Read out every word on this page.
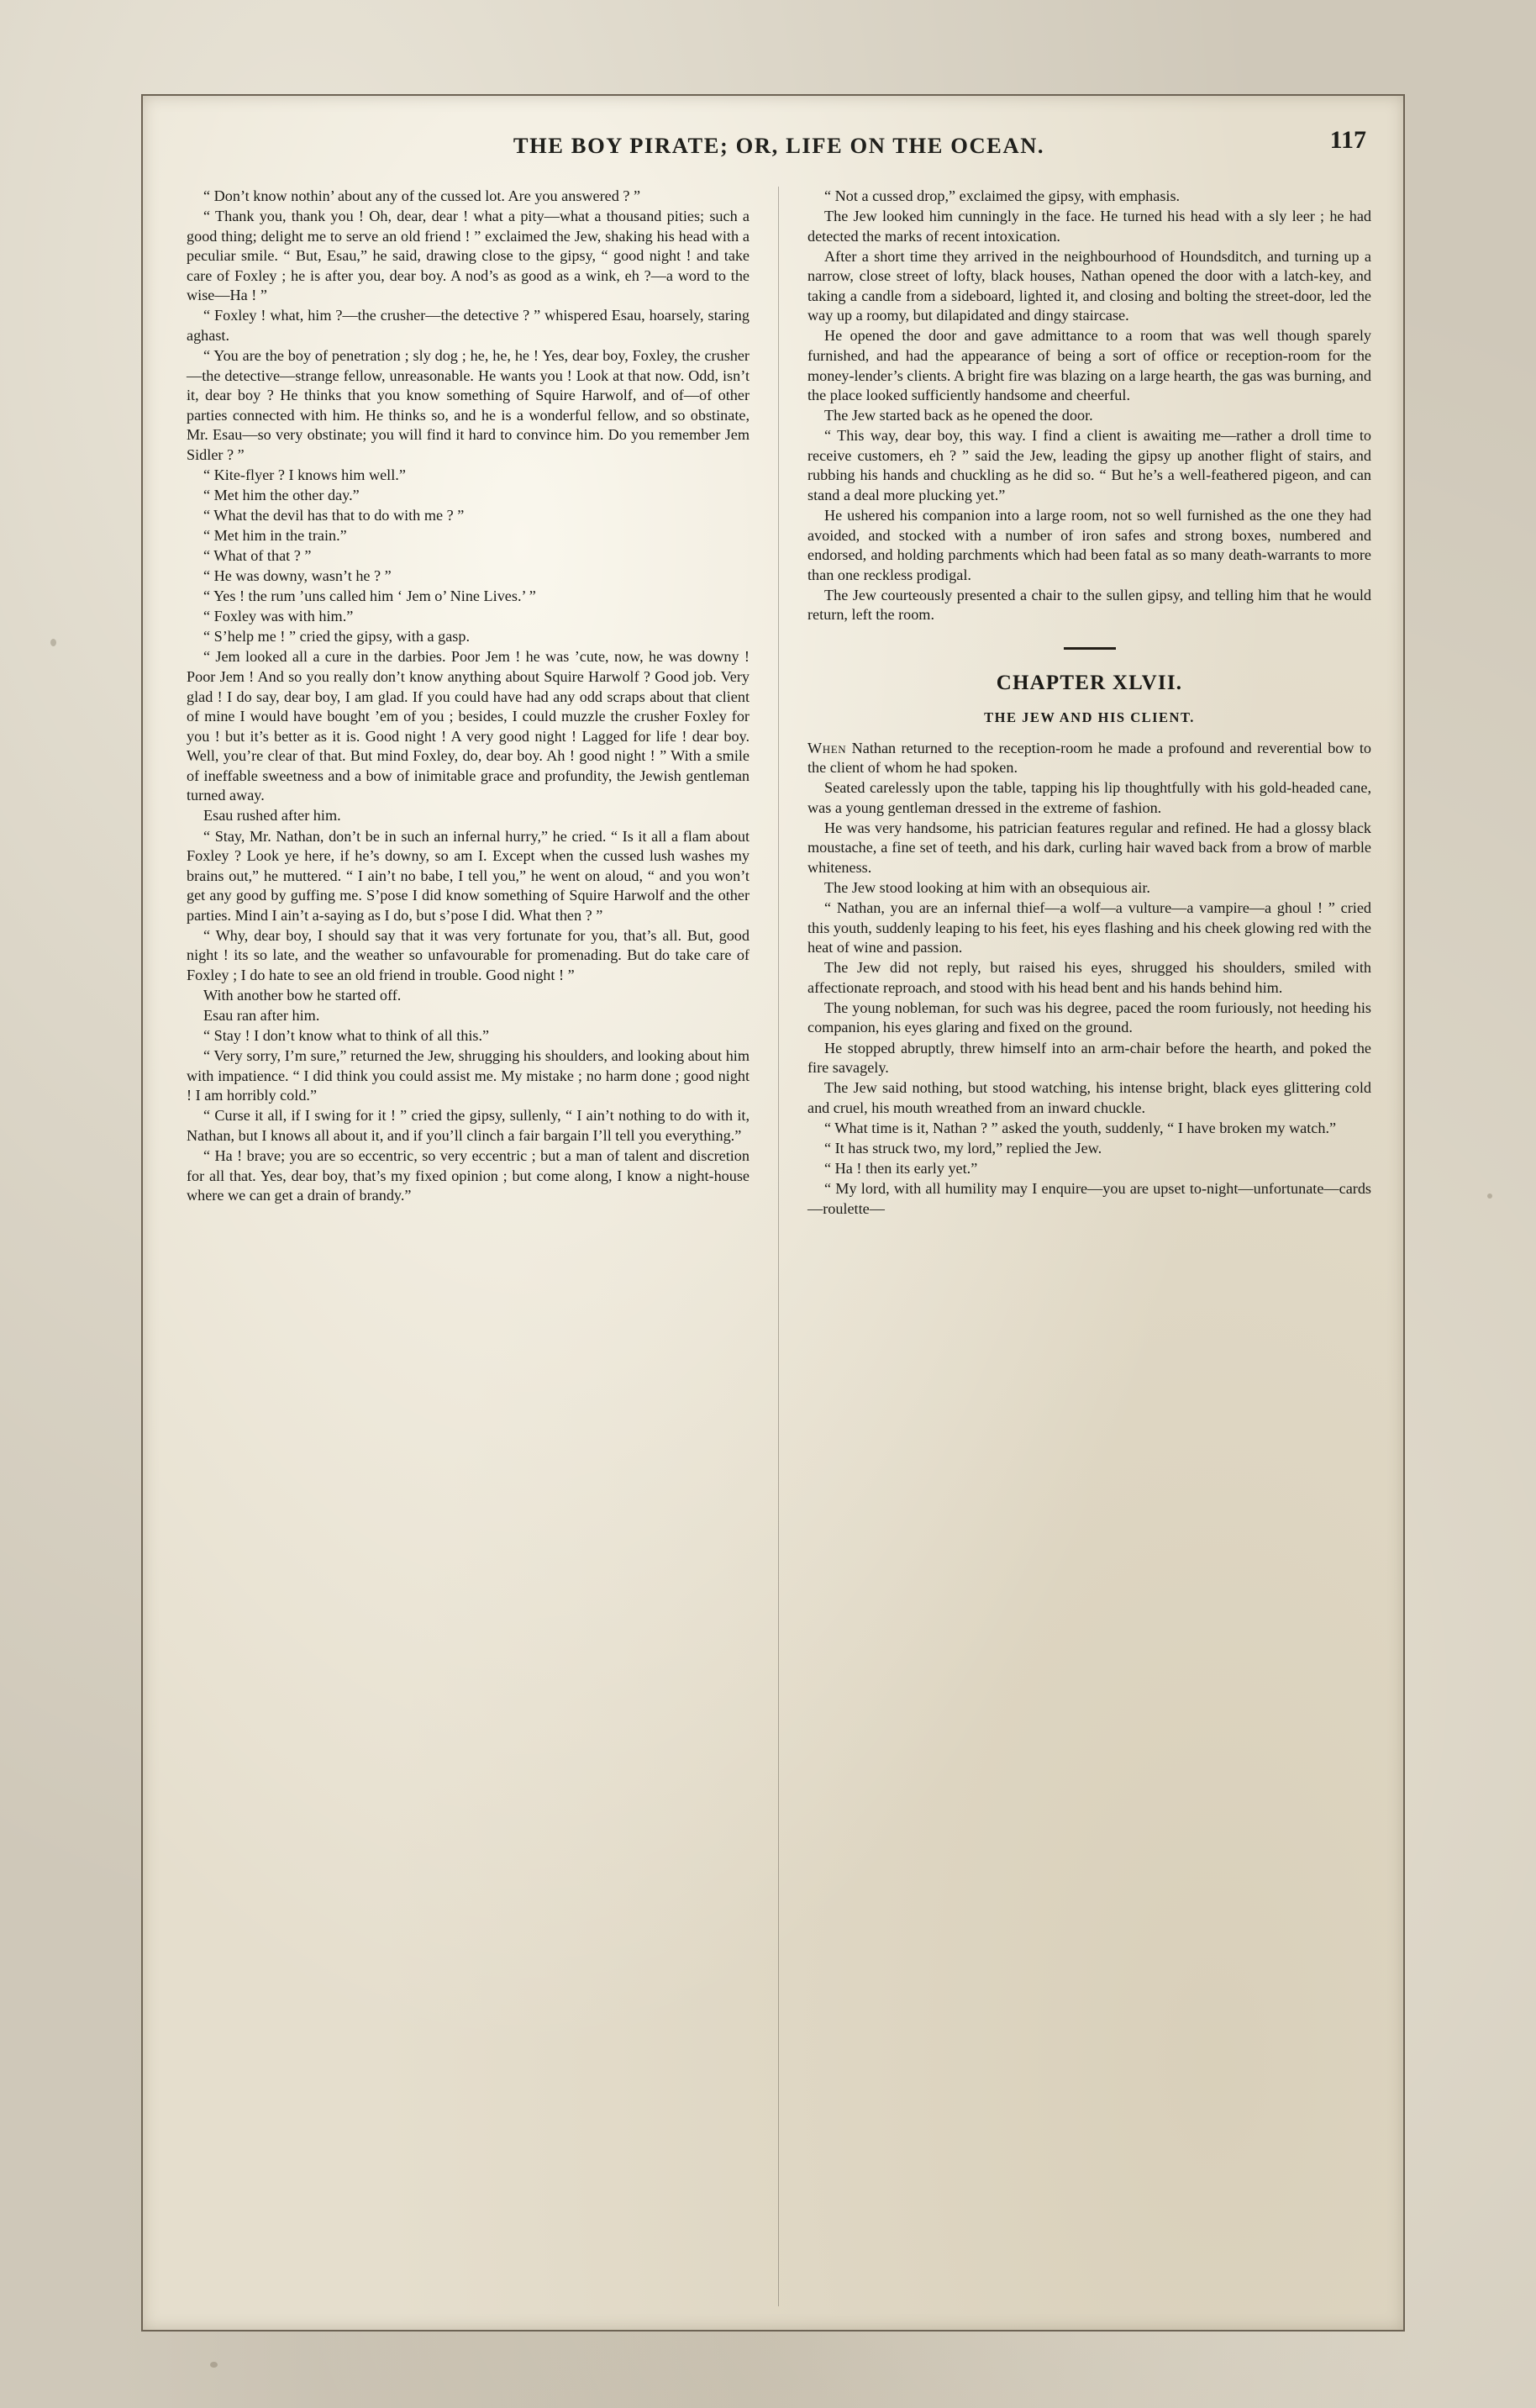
THE BOY PIRATE; OR, LIFE ON THE OCEAN.	117

“ Don’t know nothin’ about any of the cussed lot. Are you answered ? ”

“ Thank you, thank you ! Oh, dear, dear ! what a pity—what a thousand pities; such a good thing; delight me to serve an old friend ! ” exclaimed the Jew, shaking his head with a peculiar smile. “ But, Esau,” he said, drawing close to the gipsy, “ good night ! and take care of Foxley ; he is after you, dear boy. A nod’s as good as a wink, eh ?—a word to the wise—Ha ! ”

“ Foxley ! what, him ?—the crusher—the detective ? ” whispered Esau, hoarsely, staring aghast.

“ You are the boy of penetration ; sly dog ; he, he, he ! Yes, dear boy, Foxley, the crusher—the detective—strange fellow, unreasonable. He wants you ! Look at that now. Odd, isn’t it, dear boy ? He thinks that you know something of Squire Harwolf, and of—of other parties connected with him. He thinks so, and he is a wonderful fellow, and so obstinate, Mr. Esau—so very obstinate; you will find it hard to convince him. Do you remember Jem Sidler ? ”

“ Kite-flyer ? I knows him well.”

“ Met him the other day.”

“ What the devil has that to do with me ? ”

“ Met him in the train.”

“ What of that ? ”

“ He was downy, wasn’t he ? ”

“ Yes ! the rum ’uns called him ‘ Jem o’ Nine Lives.’ ”

“ Foxley was with him.”

“ S’help me ! ” cried the gipsy, with a gasp.

“ Jem looked all a cure in the darbies. Poor Jem ! he was ’cute, now, he was downy ! Poor Jem ! And so you really don’t know anything about Squire Harwolf ? Good job. Very glad ! I do say, dear boy, I am glad. If you could have had any odd scraps about that client of mine I would have bought ’em of you ; besides, I could muzzle the crusher Foxley for you ! but it’s better as it is. Good night ! A very good night ! Lagged for life ! dear boy. Well, you’re clear of that. But mind Foxley, do, dear boy. Ah ! good night ! ” With a smile of ineffable sweetness and a bow of inimitable grace and profundity, the Jewish gentleman turned away.

Esau rushed after him.

“ Stay, Mr. Nathan, don’t be in such an infernal hurry,” he cried. “ Is it all a flam about Foxley ? Look ye here, if he’s downy, so am I. Except when the cussed lush washes my brains out,” he muttered. “ I ain’t no babe, I tell you,” he went on aloud, “ and you won’t get any good by guffing me. S’pose I did know something of Squire Harwolf and the other parties. Mind I ain’t a-saying as I do, but s’pose I did. What then ? ”

“ Why, dear boy, I should say that it was very fortunate for you, that’s all. But, good night ! its so late, and the weather so unfavourable for promenading. But do take care of Foxley ; I do hate to see an old friend in trouble. Good night ! ”

With another bow he started off.

Esau ran after him.

“ Stay ! I don’t know what to think of all this.”

“ Very sorry, I’m sure,” returned the Jew, shrugging his shoulders, and looking about him with impatience. “ I did think you could assist me. My mistake ; no harm done ; good night ! I am horribly cold.”

“ Curse it all, if I swing for it ! ” cried the gipsy, sullenly, “ I ain’t nothing to do with it, Nathan, but I knows all about it, and if you’ll clinch a fair bargain I’ll tell you everything.”

“ Ha ! brave; you are so eccentric, so very eccentric ; but a man of talent and discretion for all that. Yes, dear boy, that’s my fixed opinion ; but come along, I know a night-house where we can get a drain of brandy.”

“ Not a cussed drop,” exclaimed the gipsy, with emphasis.

The Jew looked him cunningly in the face. He turned his head with a sly leer ; he had detected the marks of recent intoxication.

After a short time they arrived in the neighbourhood of Houndsditch, and turning up a narrow, close street of lofty, black houses, Nathan opened the door with a latch-key, and taking a candle from a sideboard, lighted it, and closing and bolting the street-door, led the way up a roomy, but dilapidated and dingy staircase.

He opened the door and gave admittance to a room that was well though sparely furnished, and had the appearance of being a sort of office or reception-room for the money-lender’s clients. A bright fire was blazing on a large hearth, the gas was burning, and the place looked sufficiently handsome and cheerful.

The Jew started back as he opened the door.

“ This way, dear boy, this way. I find a client is awaiting me—rather a droll time to receive customers, eh ? ” said the Jew, leading the gipsy up another flight of stairs, and rubbing his hands and chuckling as he did so. “ But he’s a well-feathered pigeon, and can stand a deal more plucking yet.”

He ushered his companion into a large room, not so well furnished as the one they had avoided, and stocked with a number of iron safes and strong boxes, numbered and endorsed, and holding parchments which had been fatal as so many death-warrants to more than one reckless prodigal.

The Jew courteously presented a chair to the sullen gipsy, and telling him that he would return, left the room.

CHAPTER XLVII.
THE JEW AND HIS CLIENT.

When Nathan returned to the reception-room he made a profound and reverential bow to the client of whom he had spoken.

Seated carelessly upon the table, tapping his lip thoughtfully with his gold-headed cane, was a young gentleman dressed in the extreme of fashion.

He was very handsome, his patrician features regular and refined. He had a glossy black moustache, a fine set of teeth, and his dark, curling hair waved back from a brow of marble whiteness.

The Jew stood looking at him with an obsequious air.

“ Nathan, you are an infernal thief—a wolf—a vulture—a vampire—a ghoul ! ” cried this youth, suddenly leaping to his feet, his eyes flashing and his cheek glowing red with the heat of wine and passion.

The Jew did not reply, but raised his eyes, shrugged his shoulders, smiled with affectionate reproach, and stood with his head bent and his hands behind him.

The young nobleman, for such was his degree, paced the room furiously, not heeding his companion, his eyes glaring and fixed on the ground.

He stopped abruptly, threw himself into an arm-chair before the hearth, and poked the fire savagely.

The Jew said nothing, but stood watching, his intense bright, black eyes glittering cold and cruel, his mouth wreathed from an inward chuckle.

“ What time is it, Nathan ? ” asked the youth, suddenly, “ I have broken my watch.”

“ It has struck two, my lord,” replied the Jew.

“ Ha ! then its early yet.”

“ My lord, with all humility may I enquire—you are upset to-night—unfortunate—cards—roulette—
